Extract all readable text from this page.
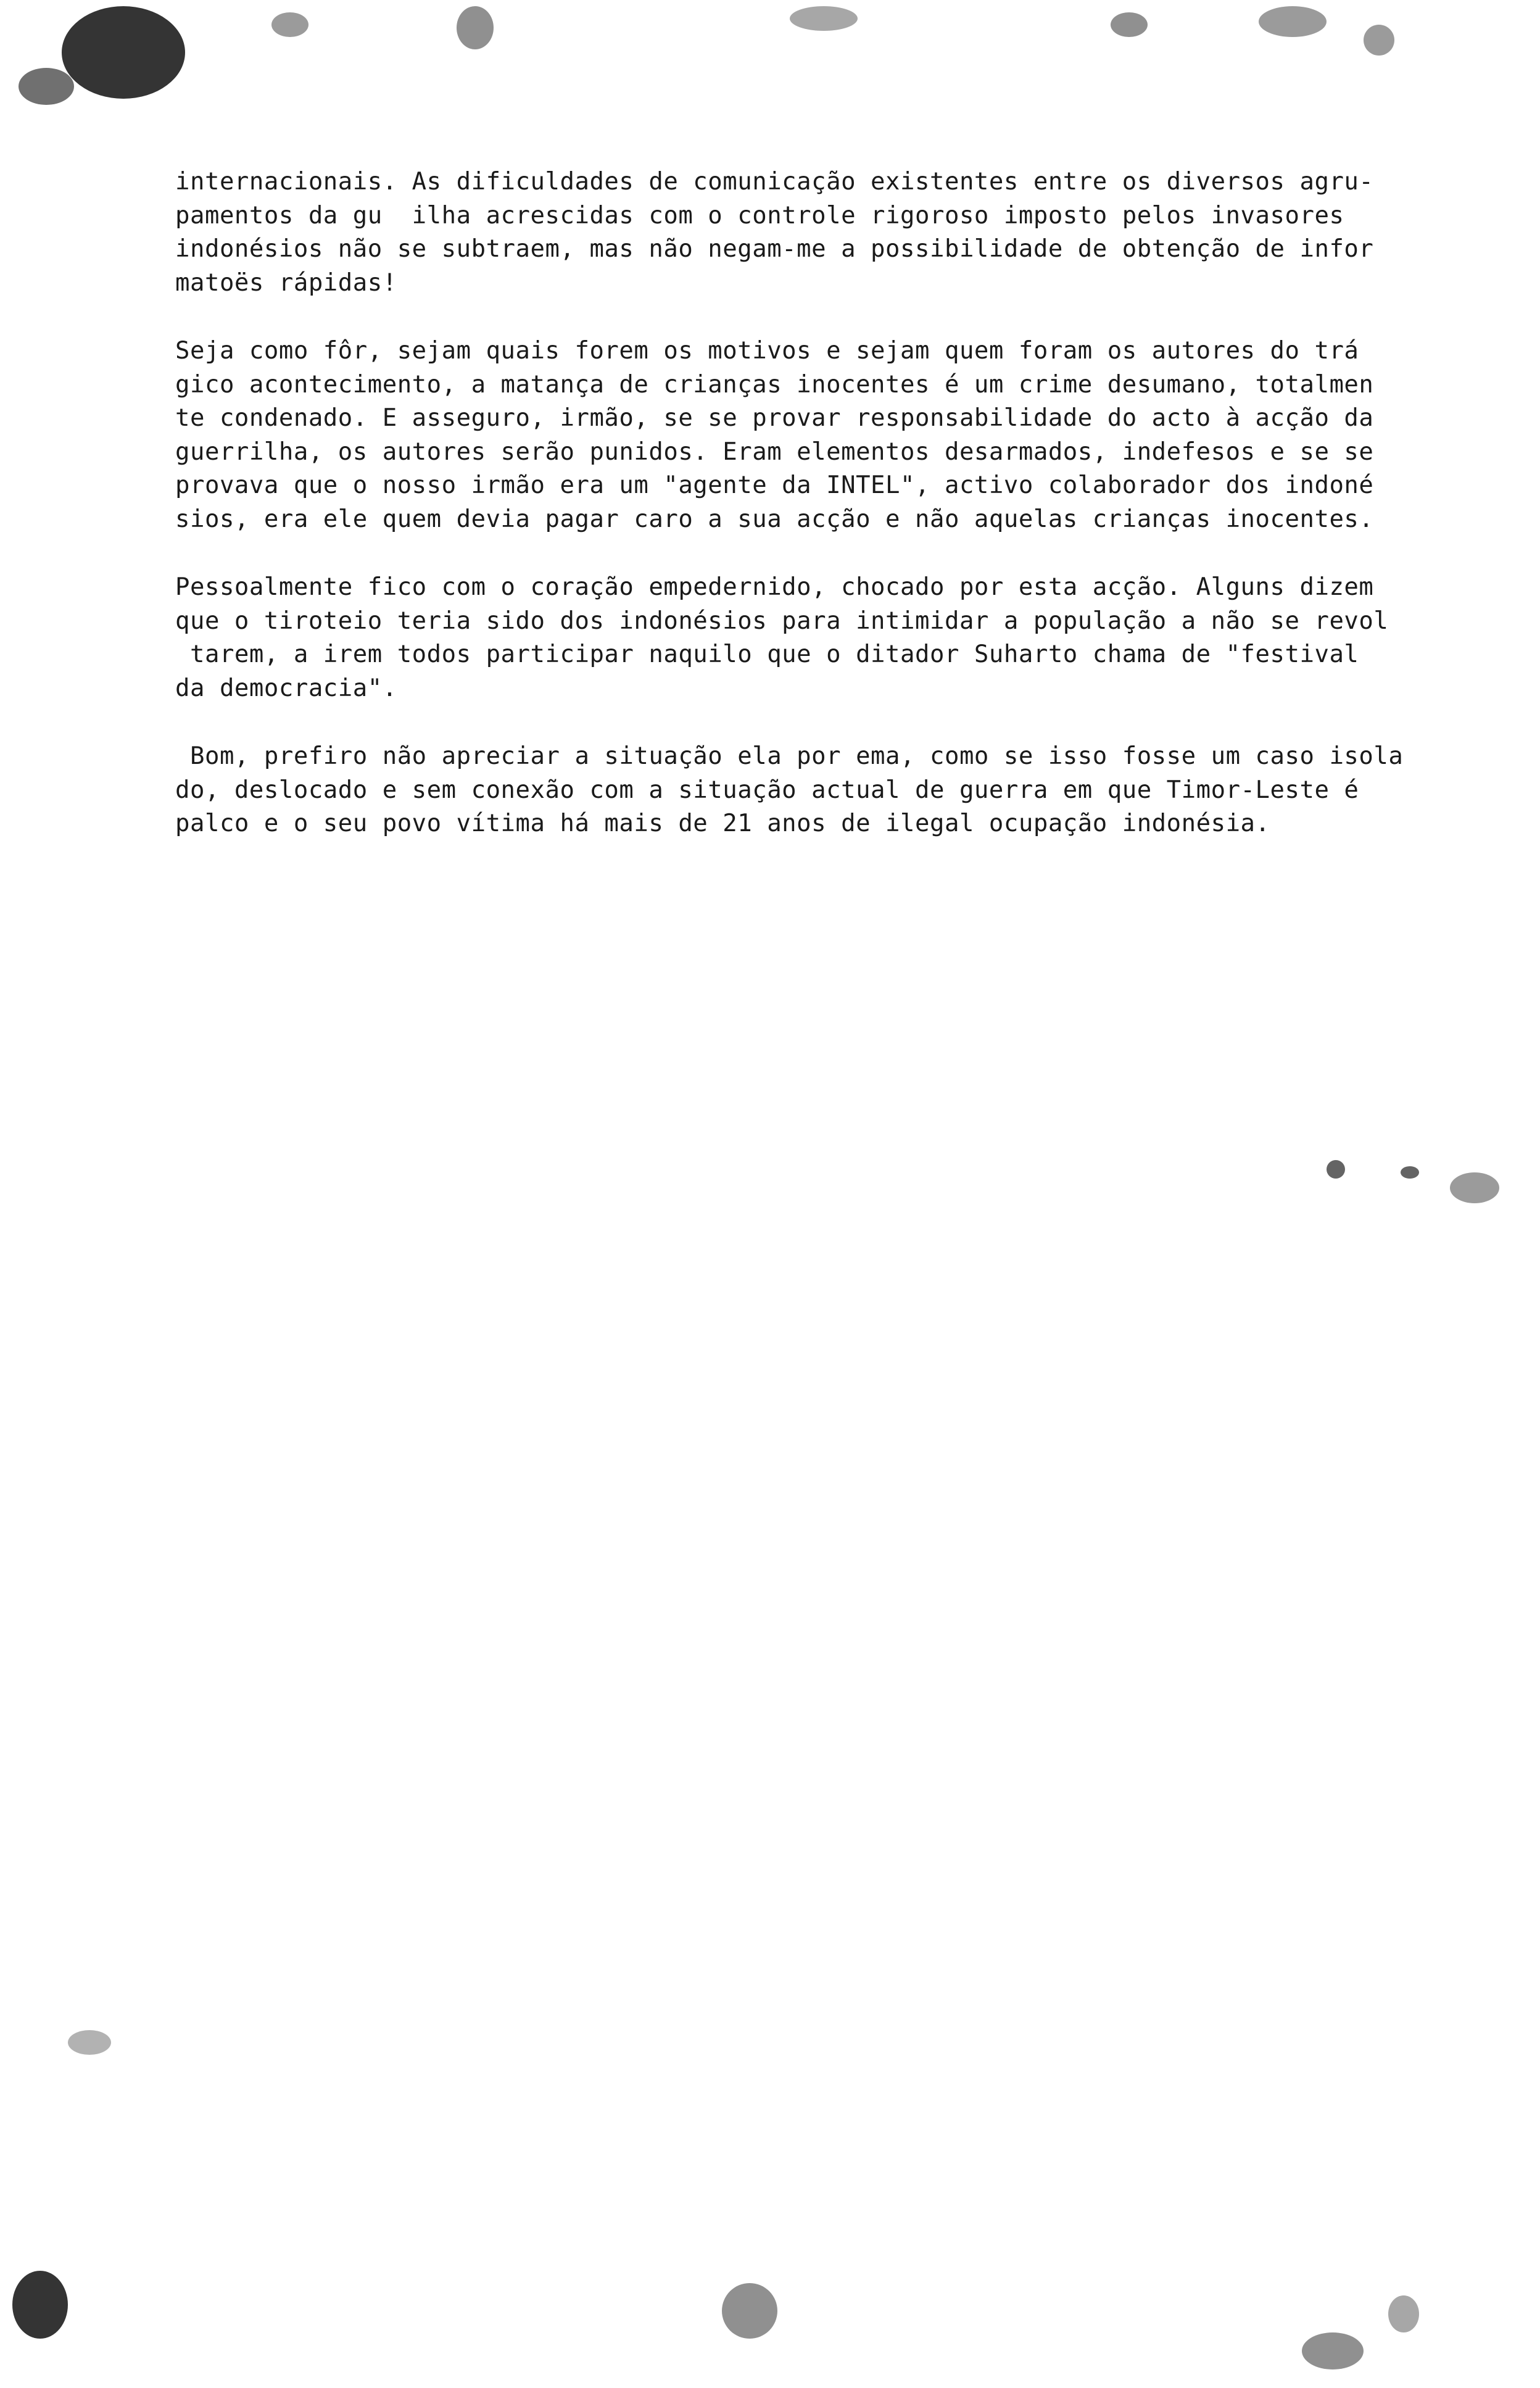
internacionais. As dificuldades de comunicação existentes entre os diversos agru-
pamentos da gu  ilha acrescidas com o controle rigoroso imposto pelos invasores
indonésios não se subtraem, mas não negam-me a possibilidade de obtenção de infor
matoës rápidas!

Seja como fôr, sejam quais forem os motivos e sejam quem foram os autores do trá
gico acontecimento, a matança de crianças inocentes é um crime desumano, totalmen
te condenado. E asseguro, irmão, se se provar responsabilidade do acto à acção da
guerrilha, os autores serão punidos. Eram elementos desarmados, indefesos e se se
provava que o nosso irmão era um "agente da INTEL", activo colaborador dos indoné
sios, era ele quem devia pagar caro a sua acção e não aquelas crianças inocentes.

Pessoalmente fico com o coração empedernido, chocado por esta acção. Alguns dizem
que o tiroteio teria sido dos indonésios para intimidar a população a não se revol
tarem, a irem todos participar naquilo que o ditador Suharto chama de "festival
da democracia".

Bom, prefiro não apreciar a situação ela por ema, como se isso fosse um caso isola
do, deslocado e sem conexão com a situação actual de guerra em que Timor-Leste é
palco e o seu povo vítima há mais de 21 anos de ilegal ocupação indonésia.
